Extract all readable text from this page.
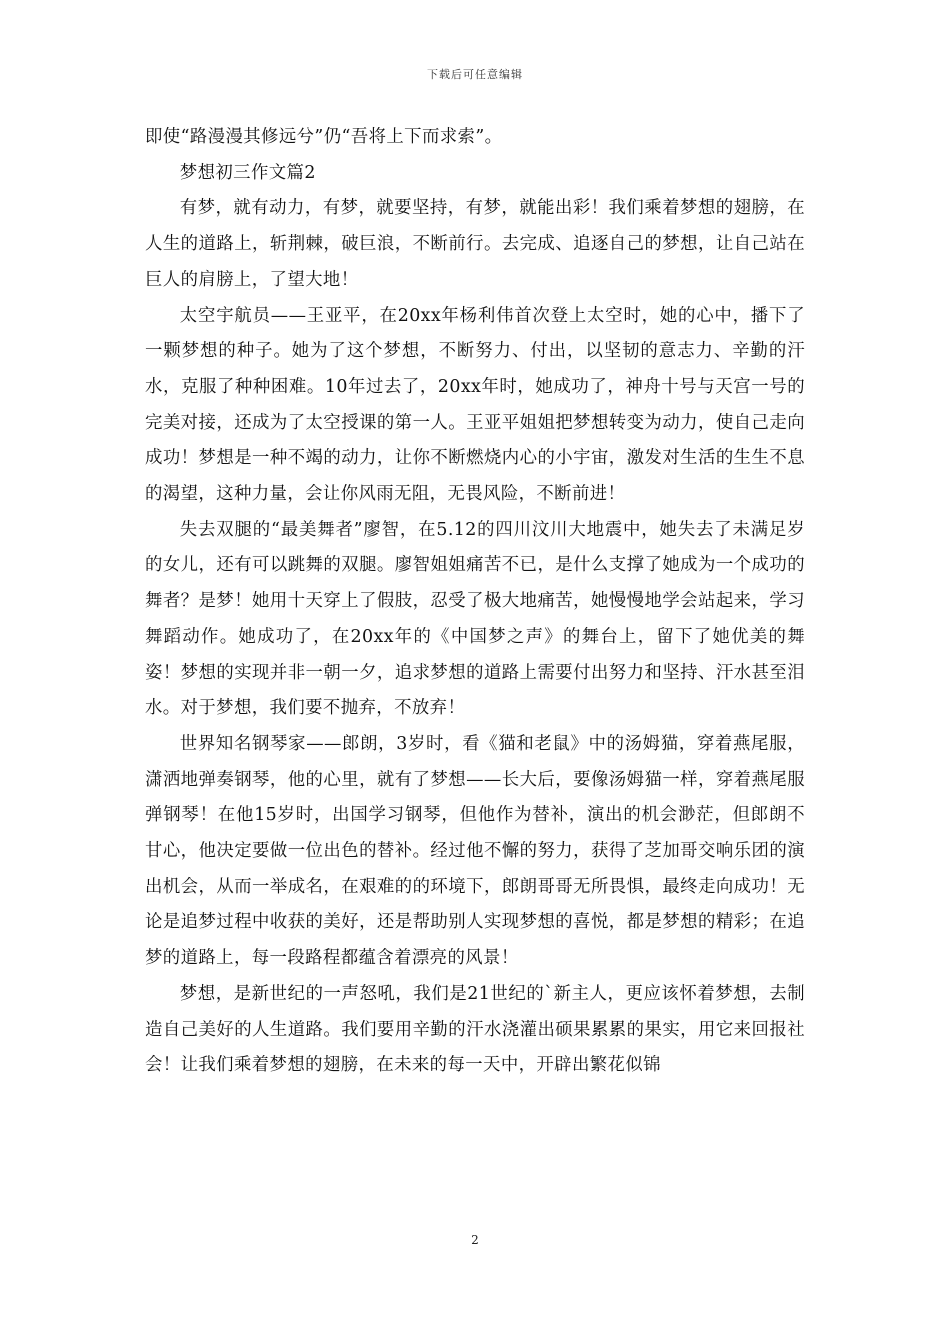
下载后可任意编辑

即使“路漫漫其修远兮”仍“吾将上下而求索”。

梦想初三作文篇2

有梦，就有动力，有梦，就要坚持，有梦，就能出彩！我们乘着梦想的翅膀，在人生的道路上，斩荆棘，破巨浪，不断前行。去完成、追逐自己的梦想，让自己站在巨人的肩膀上，了望大地！

太空宇航员——王亚平，在20xx年杨利伟首次登上太空时，她的心中，播下了一颗梦想的种子。她为了这个梦想，不断努力、付出，以坚韧的意志力、辛勤的汗水，克服了种种困难。10年过去了，20xx年时，她成功了，神舟十号与天宫一号的完美对接，还成为了太空授课的第一人。王亚平姐姐把梦想转变为动力，使自己走向成功！梦想是一种不竭的动力，让你不断燃烧内心的小宇宙，激发对生活的生生不息的渴望，这种力量，会让你风雨无阻，无畏风险，不断前进！

失去双腿的“最美舞者”廖智，在5.12的四川汶川大地震中，她失去了未满足岁的女儿，还有可以跳舞的双腿。廖智姐姐痛苦不已，是什么支撑了她成为一个成功的舞者？是梦！她用十天穿上了假肢，忍受了极大地痛苦，她慢慢地学会站起来，学习舞蹈动作。她成功了，在20xx年的《中国梦之声》的舞台上，留下了她优美的舞姿！梦想的实现并非一朝一夕，追求梦想的道路上需要付出努力和坚持、汗水甚至泪水。对于梦想，我们要不抛弃，不放弃！

世界知名钢琴家——郎朗，3岁时，看《猫和老鼠》中的汤姆猫，穿着燕尾服，潇洒地弹奏钢琴，他的心里，就有了梦想——长大后，要像汤姆猫一样，穿着燕尾服弹钢琴！在他15岁时，出国学习钢琴，但他作为替补，演出的机会渺茫，但郎朗不甘心，他决定要做一位出色的替补。经过他不懈的努力，获得了芝加哥交响乐团的演出机会，从而一举成名，在艰难的的环境下，郎朗哥哥无所畏惧，最终走向成功！无论是追梦过程中收获的美好，还是帮助别人实现梦想的喜悦，都是梦想的精彩；在追梦的道路上，每一段路程都蕴含着漂亮的风景！

梦想，是新世纪的一声怒吼，我们是21世纪的`新主人，更应该怀着梦想，去制造自己美好的人生道路。我们要用辛勤的汗水浇灌出硕果累累的果实，用它来回报社会！让我们乘着梦想的翅膀，在未来的每一天中，开辟出繁花似锦

2
